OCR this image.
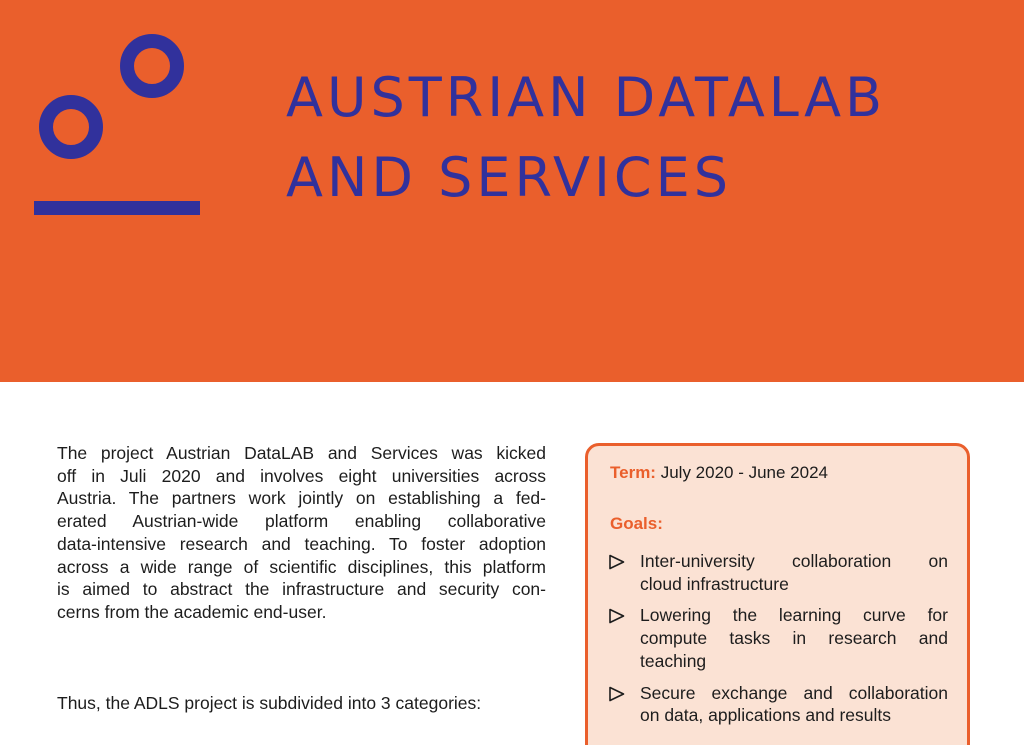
AUSTRIAN DATALAB
AND SERVICES
The project Austrian DataLAB and Services was kicked
off in Juli 2020 and involves eight universities across
Austria. The partners work jointly on establishing a fed-
erated Austrian-wide platform enabling collaborative
data-intensive research and teaching. To foster adoption
across a wide range of scientific disciplines, this platform
is aimed to abstract the infrastructure and security con-
cerns from the academic end-user.
Thus, the ADLS project is subdivided into 3 categories:
Term: July 2020 - June 2024
Goals:
Inter-university collaboration on
cloud infrastructure
Lowering the learning curve for
compute tasks in research and
teaching
Secure exchange and collaboration
on data, applications and results
